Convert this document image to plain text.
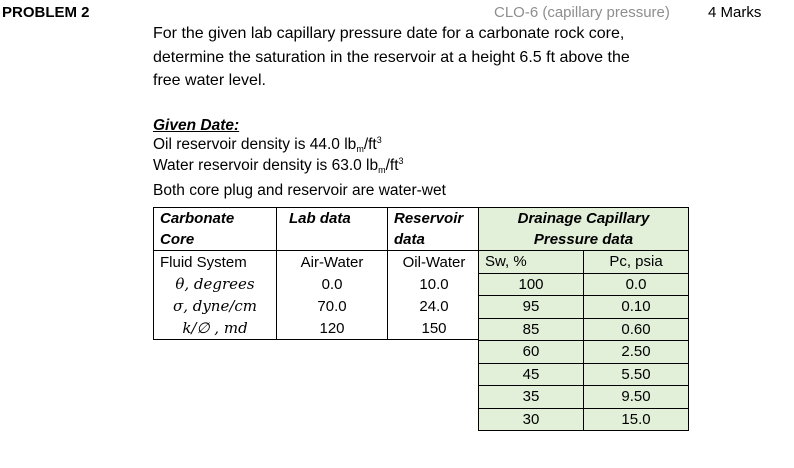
PROBLEM 2	CLO-6 (capillary pressure)	4 Marks
For the given lab capillary pressure date for a carbonate rock core,
determine the saturation in the reservoir at a height 6.5 ft above the
free water level.
Given Date:
Oil reservoir density is 44.0 $lb_m/ft^3$
Water reservoir density is 63.0 $lb_m/ft^3$
Both core plug and reservoir are water-wet
Carbonate	Lab data	Reservoir
Core		data
Fluid System	Air-Water	Oil-Water
θ, degrees	0.0	10.0
σ, dyne/cm	70.0	24.0
k/∅ , md	120	150
Drainage Capillary
Pressure data	

Sw, %	Pc, psia
100	0.0
95	0.10
85	0.60
60	2.50
45	5.50
35	9.50
30	15.0
